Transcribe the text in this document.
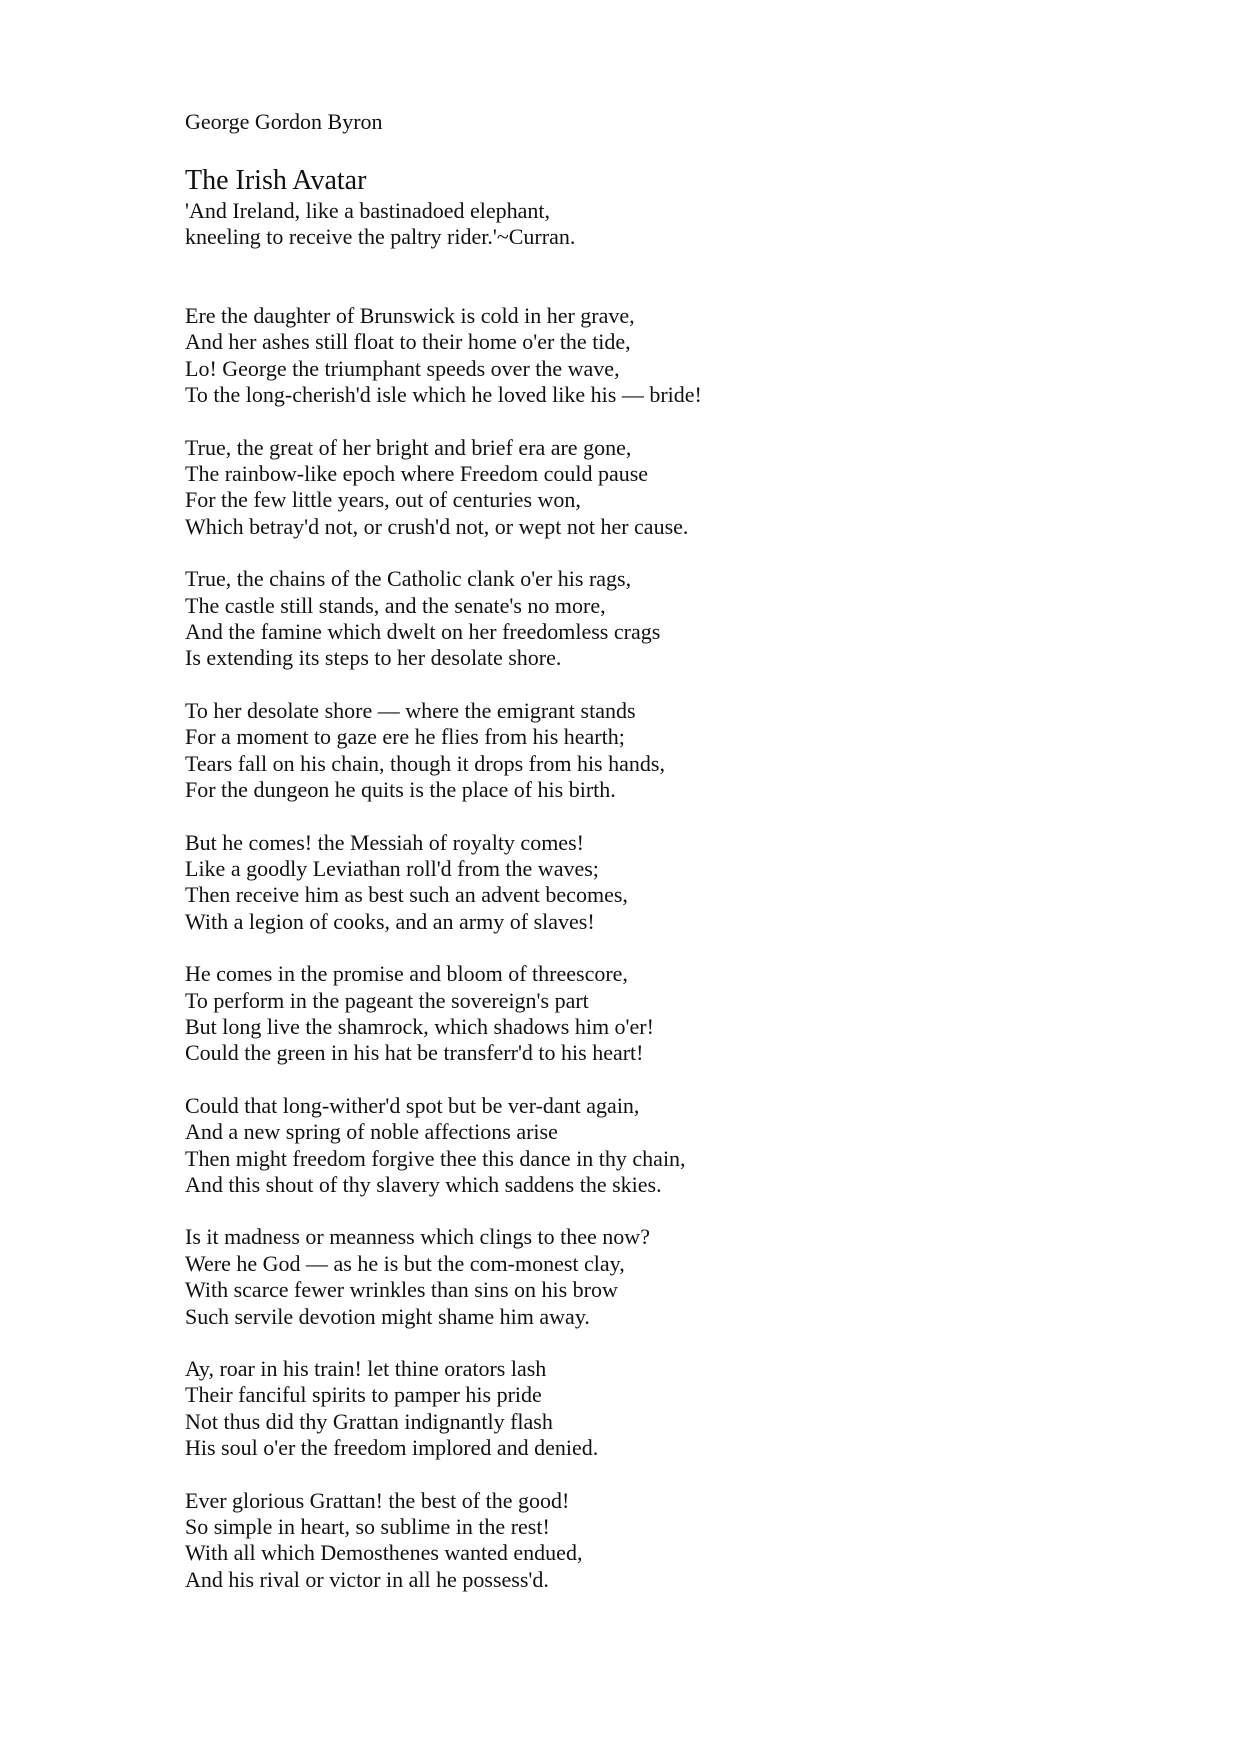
George Gordon Byron
The Irish Avatar
'And Ireland, like a bastinadoed elephant,
kneeling to receive the paltry rider.'~Curran.
Ere the daughter of Brunswick is cold in her grave,
And her ashes still float to their home o'er the tide,
Lo! George the triumphant speeds over the wave,
To the long-cherish'd isle which he loved like his — bride!
True, the great of her bright and brief era are gone,
The rainbow-like epoch where Freedom could pause
For the few little years, out of centuries won,
Which betray'd not, or crush'd not, or wept not her cause.
True, the chains of the Catholic clank o'er his rags,
The castle still stands, and the senate's no more,
And the famine which dwelt on her freedomless crags
Is extending its steps to her desolate shore.
To her desolate shore — where the emigrant stands
For a moment to gaze ere he flies from his hearth;
Tears fall on his chain, though it drops from his hands,
For the dungeon he quits is the place of his birth.
But he comes! the Messiah of royalty comes!
Like a goodly Leviathan roll'd from the waves;
Then receive him as best such an advent becomes,
With a legion of cooks, and an army of slaves!
He comes in the promise and bloom of threescore,
To perform in the pageant the sovereign's part
But long live the shamrock, which shadows him o'er!
Could the green in his hat be transferr'd to his heart!
Could that long-wither'd spot but be ver-dant again,
And a new spring of noble affections arise
Then might freedom forgive thee this dance in thy chain,
And this shout of thy slavery which saddens the skies.
Is it madness or meanness which clings to thee now?
Were he God — as he is but the com-monest clay,
With scarce fewer wrinkles than sins on his brow
Such servile devotion might shame him away.
Ay, roar in his train! let thine orators lash
Their fanciful spirits to pamper his pride
Not thus did thy Grattan indignantly flash
His soul o'er the freedom implored and denied.
Ever glorious Grattan! the best of the good!
So simple in heart, so sublime in the rest!
With all which Demosthenes wanted endued,
And his rival or victor in all he possess'd.
